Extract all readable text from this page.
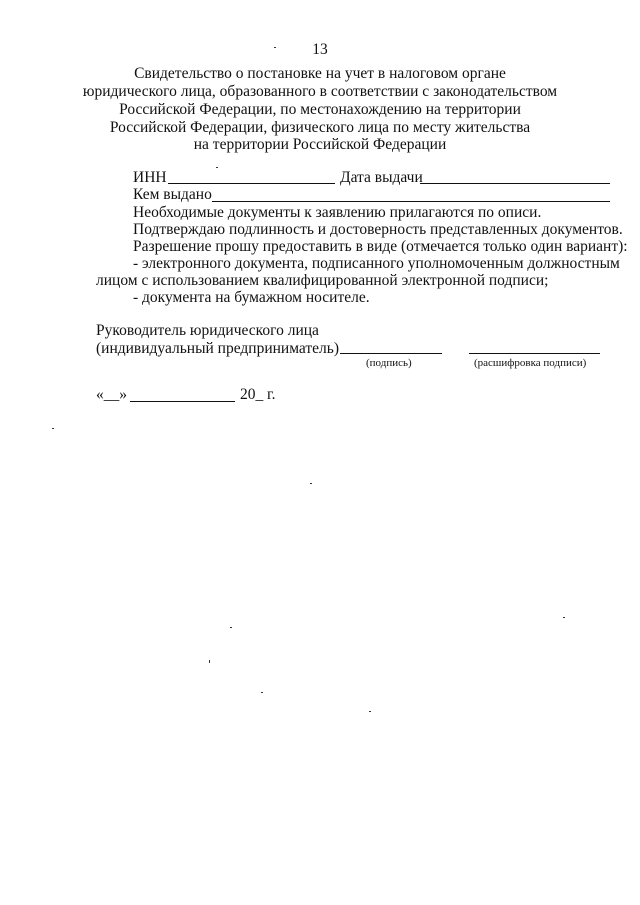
13
Свидетельство о постановке на учет в налоговом органе
юридического лица, образованного в соответствии с законодательством
Российской Федерации, по местонахождению на территории
Российской Федерации, физического лица по месту жительства
на территории Российской Федерации
ИНН	Дата выдачи
Кем выдано
Необходимые документы к заявлению прилагаются по описи.
Подтверждаю подлинность и достоверность представленных документов.
Разрешение прошу предоставить в виде (отмечается только один вариант):
- электронного документа, подписанного уполномоченным должностным
лицом с использованием квалифицированной электронной подписи;
- документа на бумажном носителе.
Руководитель юридического лица
(индивидуальный предприниматель)
(подпись)	(расшифровка подписи)
«__»	20_ г.
